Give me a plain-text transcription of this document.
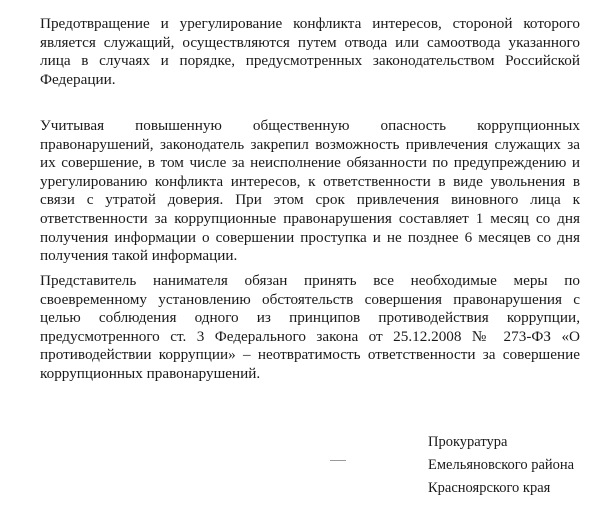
Предотвращение и урегулирование конфликта интересов, стороной которого является служащий, осуществляются путем отвода или самоотвода указанного лица в случаях и порядке, предусмотренных законодательством Российской Федерации.

Учитывая повышенную общественную опасность коррупционных правонарушений, законодатель закрепил возможность привлечения служащих за их совершение, в том числе за неисполнение обязанности по предупреждению и урегулированию конфликта интересов, к ответственности в виде увольнения в связи с утратой доверия. При этом срок привлечения виновного лица к ответственности за коррупционные правонарушения составляет 1 месяц со дня получения информации о совершении проступка и не позднее 6 месяцев со дня получения такой информации.

Представитель нанимателя обязан принять все необходимые меры по своевременному установлению обстоятельств совершения правонарушения с целью соблюдения одного из принципов противодействия коррупции, предусмотренного ст. 3 Федерального закона от 25.12.2008 № 273-ФЗ «О противодействии коррупции» – неотвратимость ответственности за совершение коррупционных правонарушений.

Прокуратура
Емельяновского района
Красноярского края
